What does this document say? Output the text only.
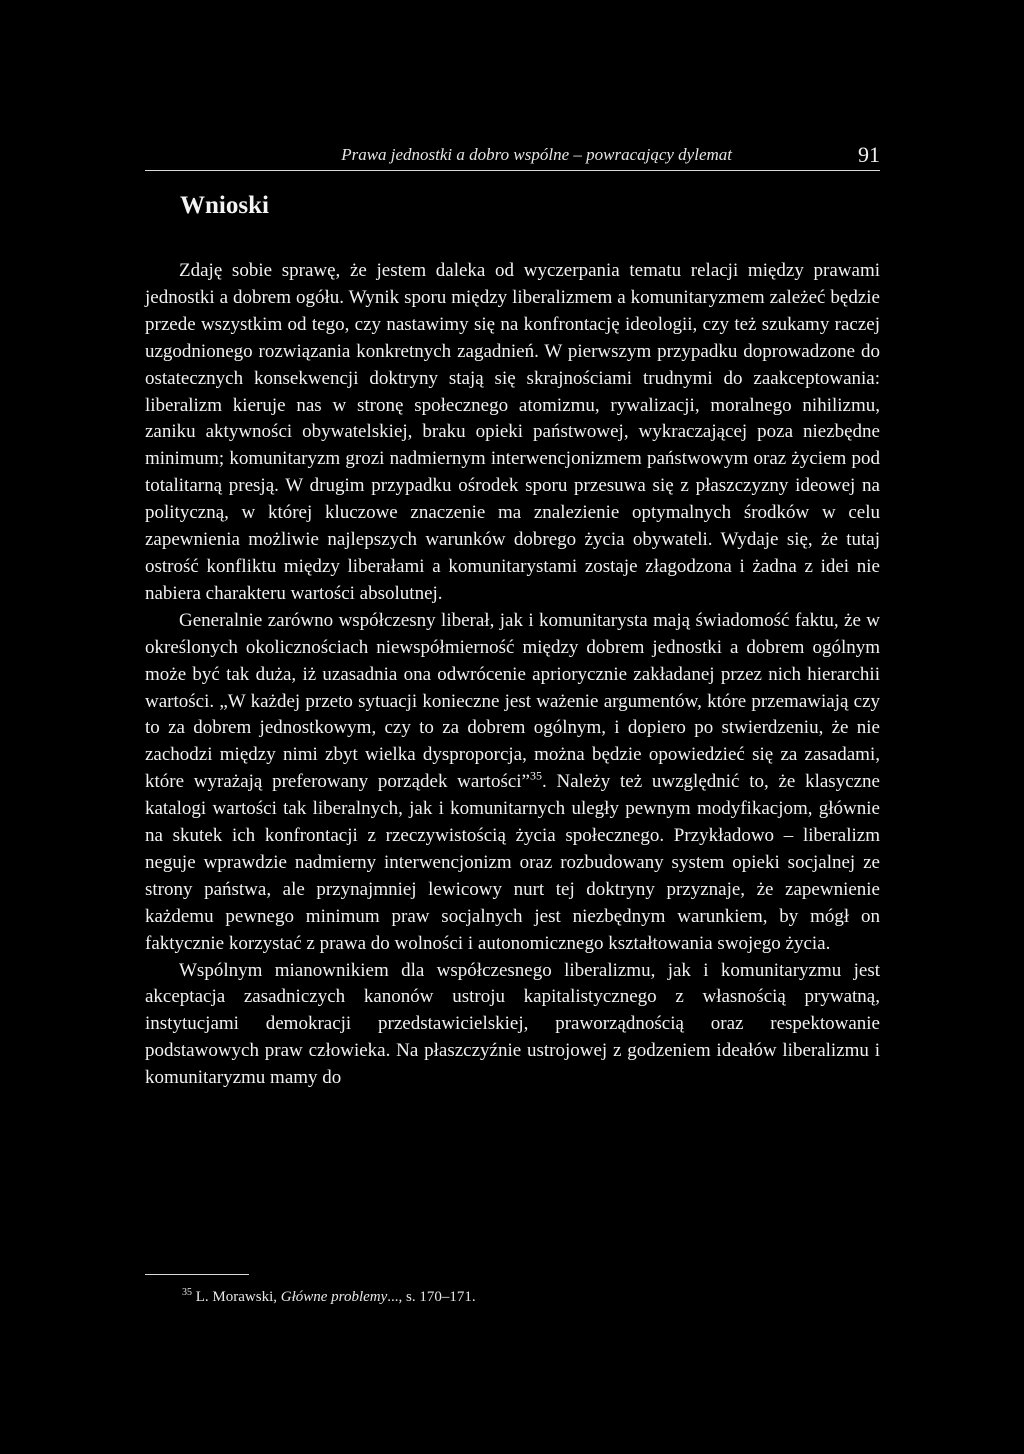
Prawa jednostki a dobro wspólne – powracający dylemat	91
Wnioski

Zdaję sobie sprawę, że jestem daleka od wyczerpania tematu relacji między prawami jednostki a dobrem ogółu. Wynik sporu między liberalizmem a komunitaryzmem zależeć będzie przede wszystkim od tego, czy nastawimy się na konfrontację ideologii, czy też szukamy raczej uzgodnionego rozwiązania konkretnych zagadnień. W pierwszym przypadku doprowadzone do ostatecznych konsekwencji doktryny stają się skrajnościami trudnymi do zaakceptowania: liberalizm kieruje nas w stronę społecznego atomizmu, rywalizacji, moralnego nihilizmu, zaniku aktywności obywatelskiej, braku opieki państwowej, wykraczającej poza niezbędne minimum; komunitaryzm grozi nadmiernym interwencjonizmem państwowym oraz życiem pod totalitarną presją. W drugim przypadku ośrodek sporu przesuwa się z płaszczyzny ideowej na polityczną, w której kluczowe znaczenie ma znalezienie optymalnych środków w celu zapewnienia możliwie najlepszych warunków dobrego życia obywateli. Wydaje się, że tutaj ostrość konfliktu między liberałami a komunitarystami zostaje złagodzona i żadna z idei nie nabiera charakteru wartości absolutnej.

Generalnie zarówno współczesny liberał, jak i komunitarysta mają świadomość faktu, że w określonych okolicznościach niewspółmierność między dobrem jednostki a dobrem ogólnym może być tak duża, iż uzasadnia ona odwrócenie apriorycznie zakładanej przez nich hierarchii wartości. „W każdej przeto sytuacji konieczne jest ważenie argumentów, które przemawiają czy to za dobrem jednostkowym, czy to za dobrem ogólnym, i dopiero po stwierdzeniu, że nie zachodzi między nimi zbyt wielka dysproporcja, można będzie opowiedzieć się za zasadami, które wyrażają preferowany porządek wartości”$^{35}$. Należy też uwzględnić to, że klasyczne katalogi wartości tak liberalnych, jak i komunitarnych uległy pewnym modyfikacjom, głównie na skutek ich konfrontacji z rzeczywistością życia społecznego. Przykładowo – liberalizm neguje wprawdzie nadmierny interwencjonizm oraz rozbudowany system opieki socjalnej ze strony państwa, ale przynajmniej lewicowy nurt tej doktryny przyznaje, że zapewnienie każdemu pewnego minimum praw socjalnych jest niezbędnym warunkiem, by mógł on faktycznie korzystać z prawa do wolności i autonomicznego kształtowania swojego życia.

Wspólnym mianownikiem dla współczesnego liberalizmu, jak i komunitaryzmu jest akceptacja zasadniczych kanonów ustroju kapitalistycznego z własnością prywatną, instytucjami demokracji przedstawicielskiej, praworządnością oraz respektowanie podstawowych praw człowieka. Na płaszczyźnie ustrojowej z godzeniem ideałów liberalizmu i komunitaryzmu mamy do

$^{35}$ L. Morawski, Główne problemy..., s. 170–171.
